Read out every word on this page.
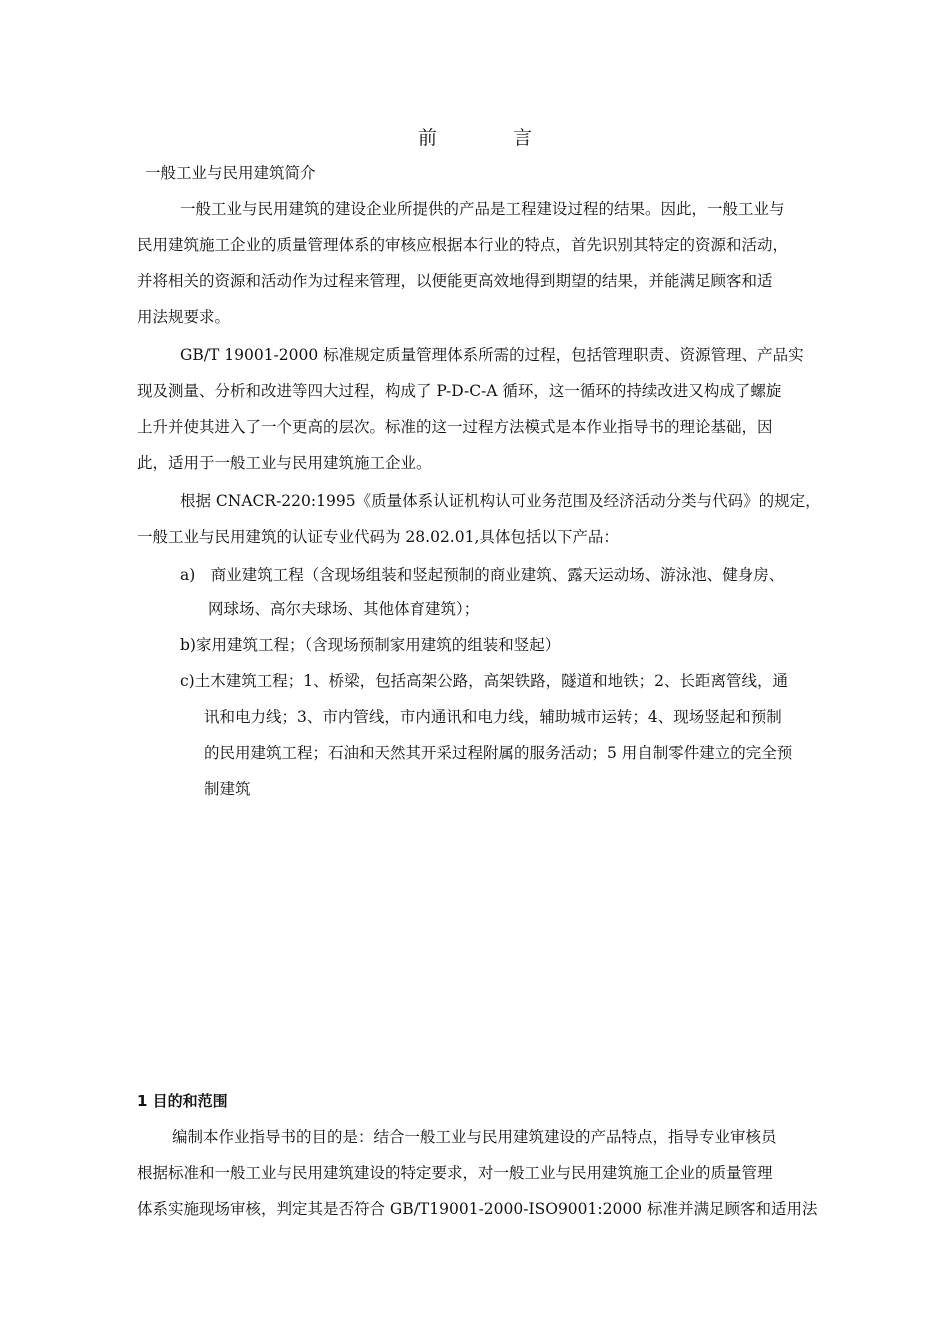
前　　　　言
一般工业与民用建筑简介
一般工业与民用建筑的建设企业所提供的产品是工程建设过程的结果。因此，一般工业与
民用建筑施工企业的质量管理体系的审核应根据本行业的特点，首先识别其特定的资源和活动，
并将相关的资源和活动作为过程来管理，以便能更高效地得到期望的结果，并能满足顾客和适
用法规要求。
GB/T 19001-2000 标准规定质量管理体系所需的过程，包括管理职责、资源管理、产品实
现及测量、分析和改进等四大过程，构成了 P-D-C-A 循环，这一循环的持续改进又构成了螺旋
上升并使其进入了一个更高的层次。标准的这一过程方法模式是本作业指导书的理论基础，因
此，适用于一般工业与民用建筑施工企业。
根据 CNACR-220:1995《质量体系认证机构认可业务范围及经济活动分类与代码》的规定，
一般工业与民用建筑的认证专业代码为 28.02.01,具体包括以下产品：
a)　商业建筑工程（含现场组装和竖起预制的商业建筑、露天运动场、游泳池、健身房、
网球场、高尔夫球场、其他体育建筑）；
b)家用建筑工程；（含现场预制家用建筑的组装和竖起）
c)土木建筑工程；1、桥梁，包括高架公路，高架铁路，隧道和地铁；2、长距离管线，通
讯和电力线；3、市内管线，市内通讯和电力线，辅助城市运转；4、现场竖起和预制
的民用建筑工程；石油和天然其开采过程附属的服务活动；5 用自制零件建立的完全预
制建筑
1 目的和范围
编制本作业指导书的目的是：结合一般工业与民用建筑建设的产品特点，指导专业审核员
根据标准和一般工业与民用建筑建设的特定要求，对一般工业与民用建筑施工企业的质量管理
体系实施现场审核，判定其是否符合 GB/T19001-2000-ISO9001:2000 标准并满足顾客和适用法
